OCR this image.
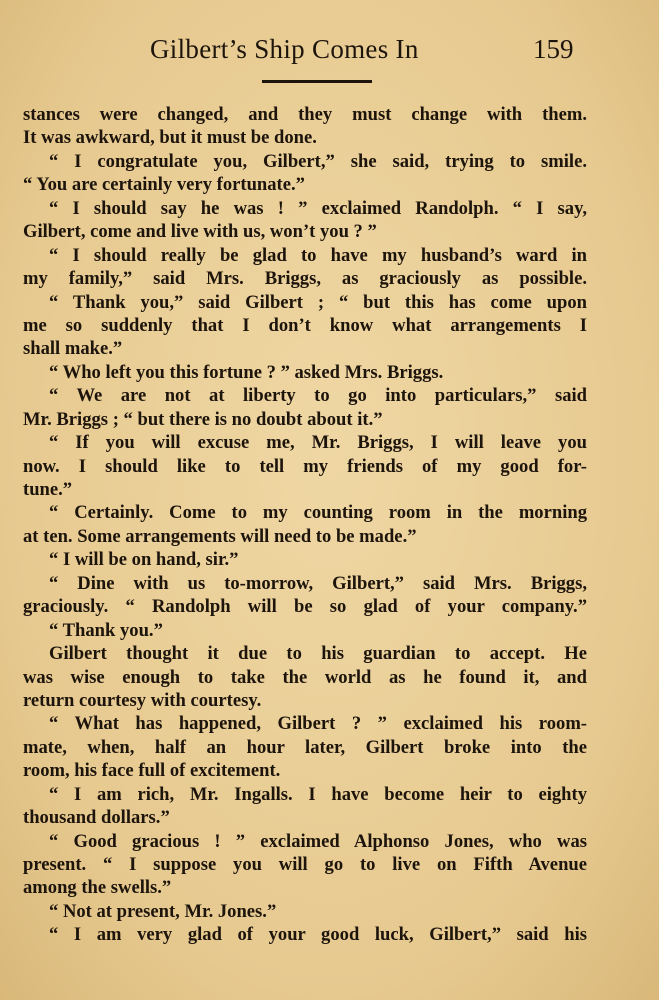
Gilbert’s Ship Comes In	159
stances were changed, and they must change with them.
It was awkward, but it must be done.
“ I congratulate you, Gilbert,” she said, trying to smile.
“ You are certainly very fortunate.”
“ I should say he was ! ” exclaimed Randolph. “ I say,
Gilbert, come and live with us, won’t you ? ”
“ I should really be glad to have my husband’s ward in
my family,” said Mrs. Briggs, as graciously as possible.
“ Thank you,” said Gilbert ; “ but this has come upon
me so suddenly that I don’t know what arrangements I
shall make.”
“ Who left you this fortune ? ” asked Mrs. Briggs.
“ We are not at liberty to go into particulars,” said
Mr. Briggs ; “ but there is no doubt about it.”
“ If you will excuse me, Mr. Briggs, I will leave you
now. I should like to tell my friends of my good for-
tune.”
“ Certainly. Come to my counting room in the morning
at ten. Some arrangements will need to be made.”
“ I will be on hand, sir.”
“ Dine with us to-morrow, Gilbert,” said Mrs. Briggs,
graciously. “ Randolph will be so glad of your company.”
“ Thank you.”
Gilbert thought it due to his guardian to accept. He
was wise enough to take the world as he found it, and
return courtesy with courtesy.
“ What has happened, Gilbert ? ” exclaimed his room-
mate, when, half an hour later, Gilbert broke into the
room, his face full of excitement.
“ I am rich, Mr. Ingalls. I have become heir to eighty
thousand dollars.”
“ Good gracious ! ” exclaimed Alphonso Jones, who was
present. “ I suppose you will go to live on Fifth Avenue
among the swells.”
“ Not at present, Mr. Jones.”
“ I am very glad of your good luck, Gilbert,” said his
